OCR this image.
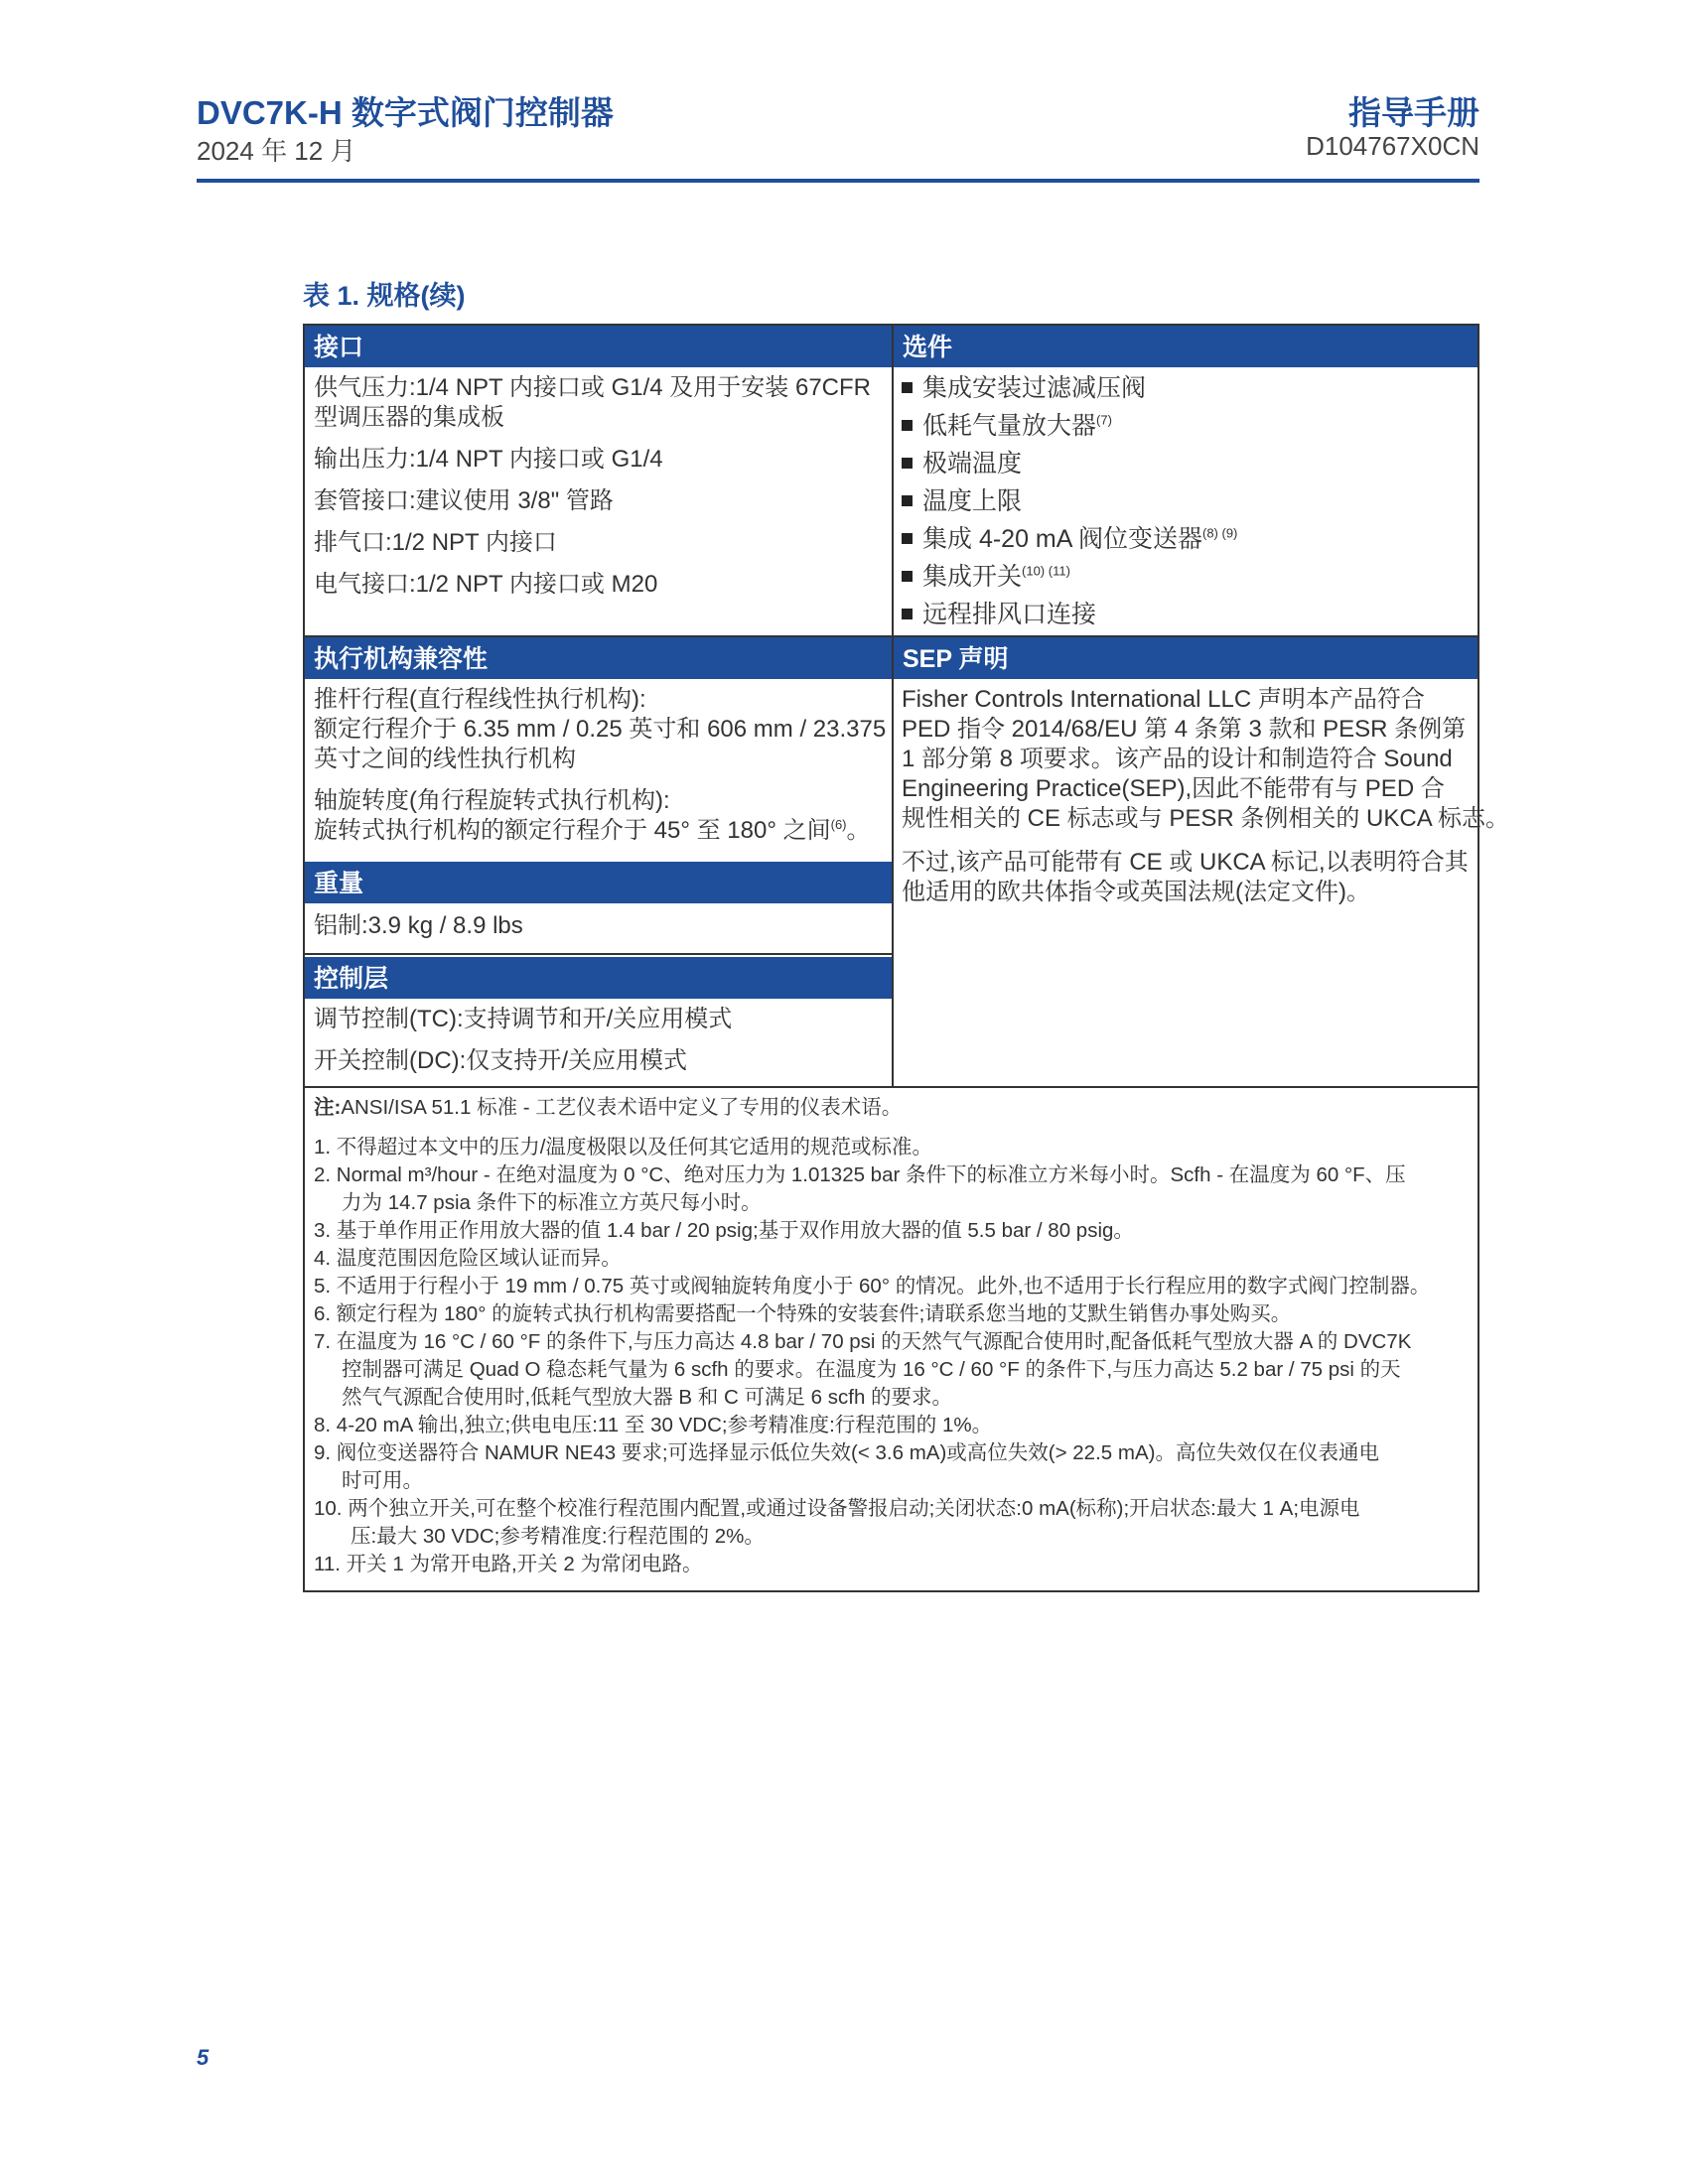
DVC7K-H 数字式阀门控制器
2024 年 12 月
指导手册
D104767X0CN
表 1. 规格(续)
接口
供气压力:1/4 NPT 内接口或 G1/4 及用于安装 67CFR
型调压器的集成板
输出压力:1/4 NPT 内接口或 G1/4
套管接口:建议使用 3/8" 管路
排气口:1/2 NPT 内接口
电气接口:1/2 NPT 内接口或 M20
执行机构兼容性
推杆行程(直行程线性执行机构):
额定行程介于 6.35 mm / 0.25 英寸和 606 mm / 23.375
英寸之间的线性执行机构
轴旋转度(角行程旋转式执行机构):
旋转式执行机构的额定行程介于 45° 至 180° 之间$^{(6)}$。
重量
铝制:3.9 kg / 8.9 lbs
控制层
调节控制(TC):支持调节和开/关应用模式
开关控制(DC):仅支持开/关应用模式
选件
集成安装过滤减压阀
低耗气量放大器$^{(7)}$
极端温度
温度上限
集成 4-20 mA 阀位变送器$^{(8) (9)}$
集成开关$^{(10) (11)}$
远程排风口连接
SEP 声明
Fisher Controls International LLC 声明本产品符合
PED 指令 2014/68/EU 第 4 条第 3 款和 PESR 条例第
1 部分第 8 项要求。该产品的设计和制造符合 Sound
Engineering Practice(SEP),因此不能带有与 PED 合
规性相关的 CE 标志或与 PESR 条例相关的 UKCA 标志。
不过,该产品可能带有 CE 或 UKCA 标记,以表明符合其
他适用的欧共体指令或英国法规(法定文件)。
注:ANSI/ISA 51.1 标准 - 工艺仪表术语中定义了专用的仪表术语。
1. 不得超过本文中的压力/温度极限以及任何其它适用的规范或标准。
2. Normal m³/hour - 在绝对温度为 0 °C、绝对压力为 1.01325 bar 条件下的标准立方米每小时。Scfh - 在温度为 60 °F、压
力为 14.7 psia 条件下的标准立方英尺每小时。
3. 基于单作用正作用放大器的值 1.4 bar / 20 psig;基于双作用放大器的值 5.5 bar / 80 psig。
4. 温度范围因危险区域认证而异。
5. 不适用于行程小于 19 mm / 0.75 英寸或阀轴旋转角度小于 60° 的情况。此外,也不适用于长行程应用的数字式阀门控制器。
6. 额定行程为 180° 的旋转式执行机构需要搭配一个特殊的安装套件;请联系您当地的艾默生销售办事处购买。
7. 在温度为 16 °C / 60 °F 的条件下,与压力高达 4.8 bar / 70 psi 的天然气气源配合使用时,配备低耗气型放大器 A 的 DVC7K
控制器可满足 Quad O 稳态耗气量为 6 scfh 的要求。在温度为 16 °C / 60 °F 的条件下,与压力高达 5.2 bar / 75 psi 的天
然气气源配合使用时,低耗气型放大器 B 和 C 可满足 6 scfh 的要求。
8. 4-20 mA 输出,独立;供电电压:11 至 30 VDC;参考精准度:行程范围的 1%。
9. 阀位变送器符合 NAMUR NE43 要求;可选择显示低位失效(< 3.6 mA)或高位失效(> 22.5 mA)。高位失效仅在仪表通电
时可用。
10. 两个独立开关,可在整个校准行程范围内配置,或通过设备警报启动;关闭状态:0 mA(标称);开启状态:最大 1 A;电源电
压:最大 30 VDC;参考精准度:行程范围的 2%。
11. 开关 1 为常开电路,开关 2 为常闭电路。
5
